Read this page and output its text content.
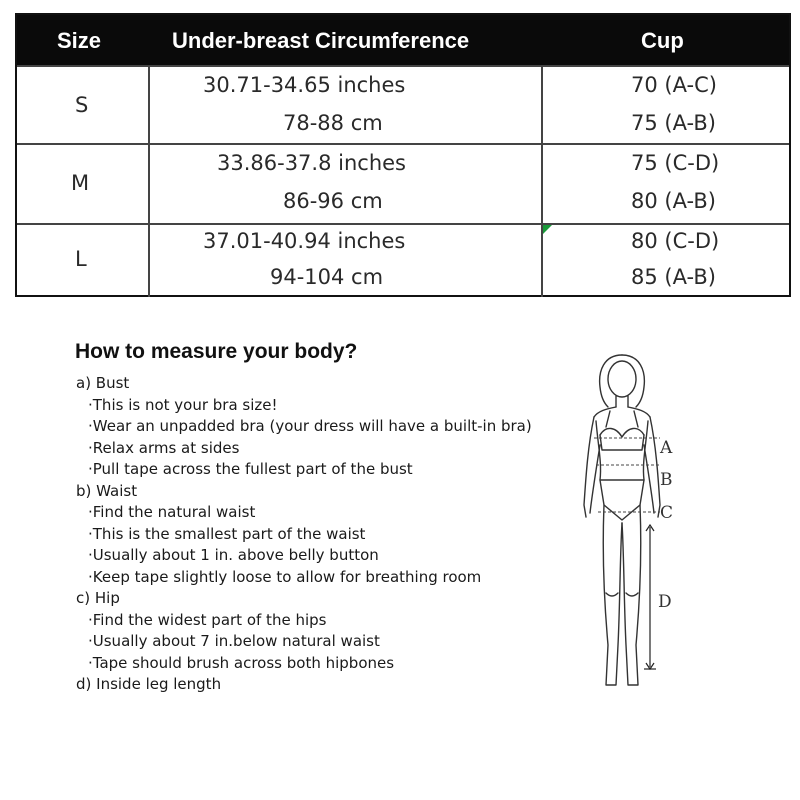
Size	Under-breast Circumference	Cup
S
30.71-34.65 inches
78-88 cm
70 (A-C)
75 (A-B)
M
33.86-37.8 inches
86-96 cm
75 (C-D)
80 (A-B)
L
37.01-40.94 inches
94-104 cm
80 (C-D)
85 (A-B)
How to measure your body?
a) Bust
·This is not your bra size!
·Wear an unpadded bra (your dress will have a built-in bra)
·Relax arms at sides
·Pull tape across the fullest part of the bust
b) Waist
·Find the natural waist
·This is the smallest part of the waist
·Usually about 1 in. above belly button
·Keep tape slightly loose to allow for breathing room
c) Hip
·Find the widest part of the hips
·Usually about 7 in.below natural waist
·Tape should brush across both hipbones
d) Inside leg length
A
B
C
D
